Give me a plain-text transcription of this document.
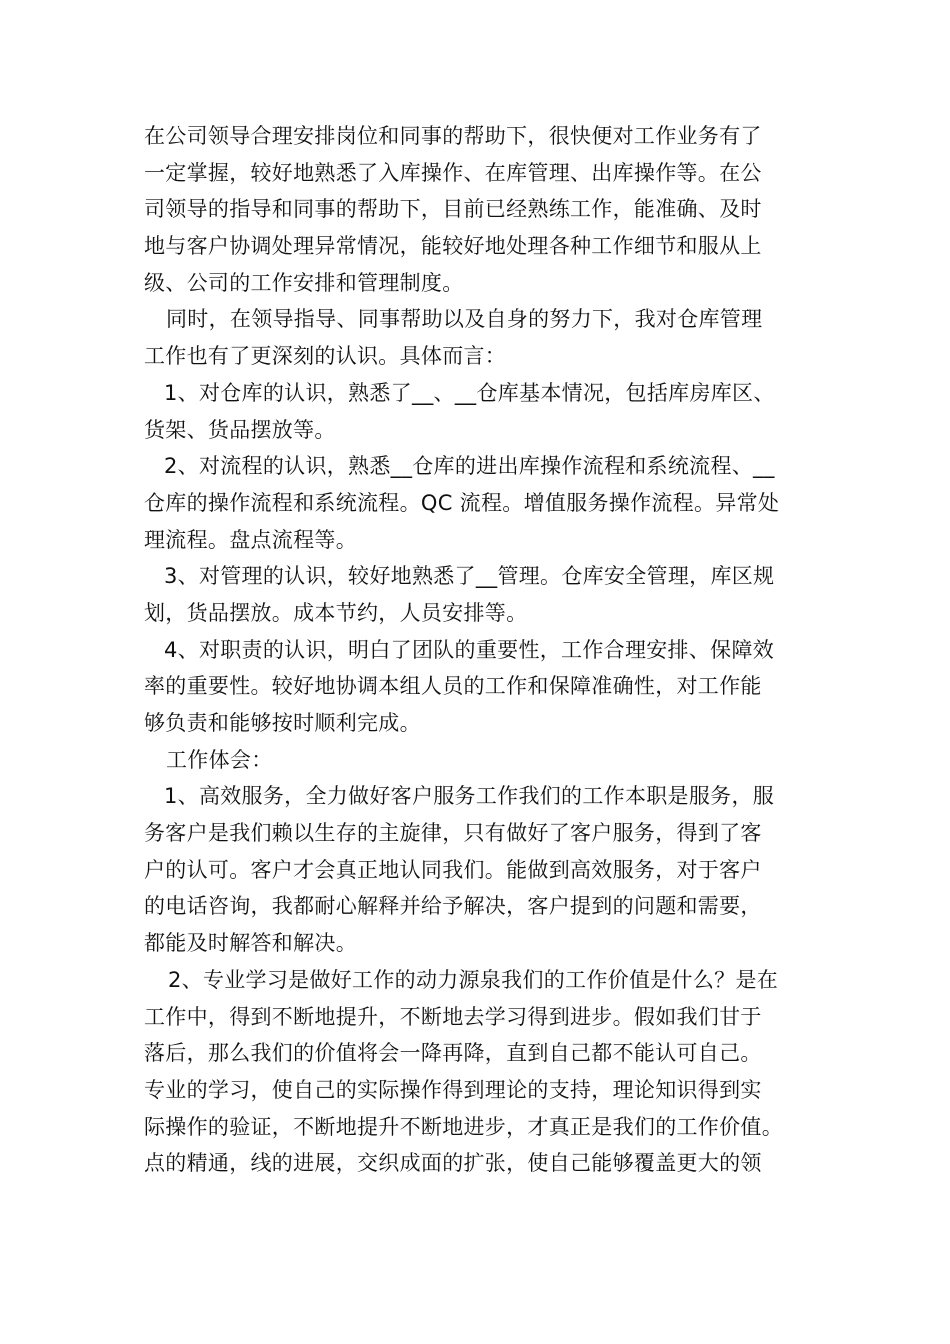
在公司领导合理安排岗位和同事的帮助下，很快便对工作业务有了
一定掌握，较好地熟悉了入库操作、在库管理、出库操作等。在公
司领导的指导和同事的帮助下，目前已经熟练工作，能准确、及时
地与客户协调处理异常情况，能较好地处理各种工作细节和服从上
级、公司的工作安排和管理制度。
同时，在领导指导、同事帮助以及自身的努力下，我对仓库管理
工作也有了更深刻的认识。具体而言：
1、对仓库的认识，熟悉了__、__仓库基本情况，包括库房库区、
货架、货品摆放等。
2、对流程的认识，熟悉__仓库的进出库操作流程和系统流程、__
仓库的操作流程和系统流程。QC 流程。增值服务操作流程。异常处
理流程。盘点流程等。
3、对管理的认识，较好地熟悉了__管理。仓库安全管理，库区规
划，货品摆放。成本节约，人员安排等。
4、对职责的认识，明白了团队的重要性，工作合理安排、保障效
率的重要性。较好地协调本组人员的工作和保障准确性，对工作能
够负责和能够按时顺利完成。
工作体会：
1、高效服务，全力做好客户服务工作我们的工作本职是服务，服
务客户是我们赖以生存的主旋律，只有做好了客户服务，得到了客
户的认可。客户才会真正地认同我们。能做到高效服务，对于客户
的电话咨询，我都耐心解释并给予解决，客户提到的问题和需要，
都能及时解答和解决。
2、专业学习是做好工作的动力源泉我们的工作价值是什么？是在
工作中，得到不断地提升，不断地去学习得到进步。假如我们甘于
落后，那么我们的价值将会一降再降，直到自己都不能认可自己。
专业的学习，使自己的实际操作得到理论的支持，理论知识得到实
际操作的验证，不断地提升不断地进步，才真正是我们的工作价值。
点的精通，线的进展，交织成面的扩张，使自己能够覆盖更大的领
